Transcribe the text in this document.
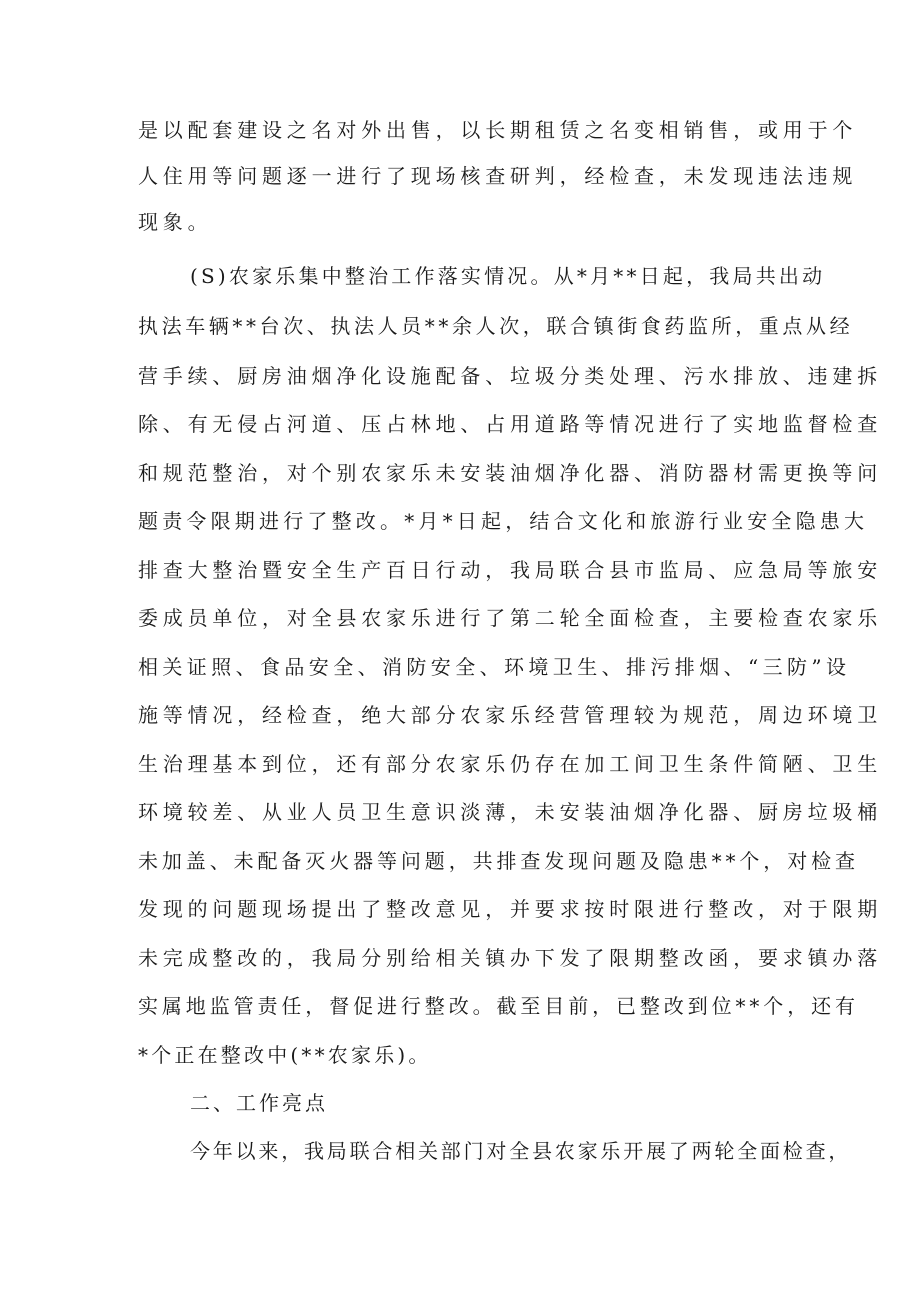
是以配套建设之名对外出售，以长期租赁之名变相销售，或用于个

人住用等问题逐一进行了现场核查研判，经检查，未发现违法违规

现象。

(S)农家乐集中整治工作落实情况。从*月**日起，我局共出动

执法车辆**台次、执法人员**余人次，联合镇街食药监所，重点从经

营手续、厨房油烟净化设施配备、垃圾分类处理、污水排放、违建拆

除、有无侵占河道、压占林地、占用道路等情况进行了实地监督检查

和规范整治，对个别农家乐未安装油烟净化器、消防器材需更换等问

题责令限期进行了整改。*月*日起，结合文化和旅游行业安全隐患大

排查大整治暨安全生产百日行动，我局联合县市监局、应急局等旅安

委成员单位，对全县农家乐进行了第二轮全面检查，主要检查农家乐

相关证照、食品安全、消防安全、环境卫生、排污排烟、“三防”设

施等情况，经检查，绝大部分农家乐经营管理较为规范，周边环境卫

生治理基本到位，还有部分农家乐仍存在加工间卫生条件简陋、卫生

环境较差、从业人员卫生意识淡薄，未安装油烟净化器、厨房垃圾桶

未加盖、未配备灭火器等问题，共排查发现问题及隐患**个，对检查

发现的问题现场提出了整改意见，并要求按时限进行整改，对于限期

未完成整改的，我局分别给相关镇办下发了限期整改函，要求镇办落

实属地监管责任，督促进行整改。截至目前，已整改到位**个，还有

*个正在整改中(**农家乐)。

二、工作亮点

今年以来，我局联合相关部门对全县农家乐开展了两轮全面检查，
